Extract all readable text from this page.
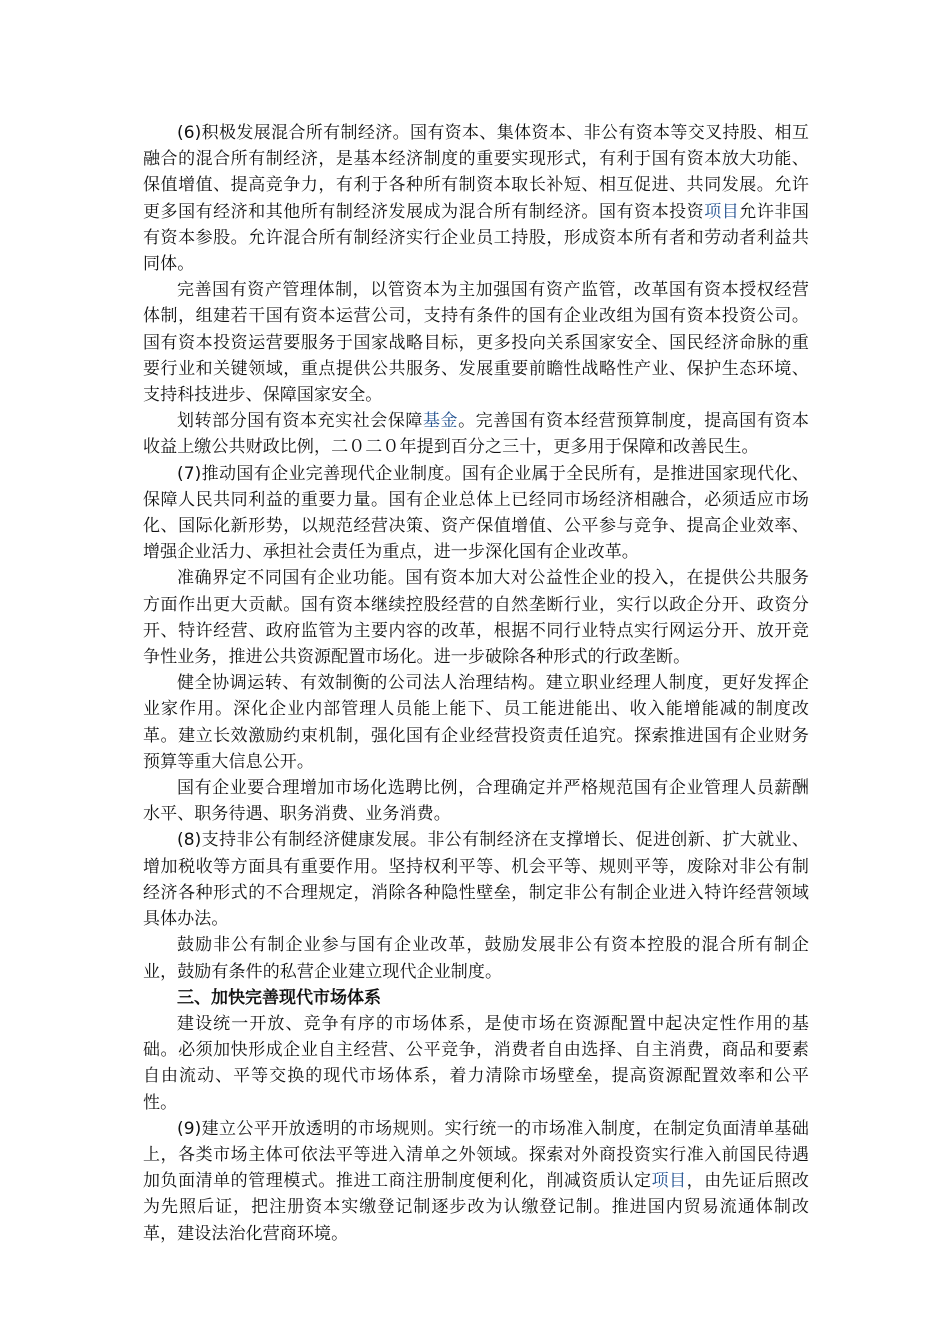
(6)积极发展混合所有制经济。国有资本、集体资本、非公有资本等交叉持股、相互融合的混合所有制经济，是基本经济制度的重要实现形式，有利于国有资本放大功能、保值增值、提高竞争力，有利于各种所有制资本取长补短、相互促进、共同发展。允许更多国有经济和其他所有制经济发展成为混合所有制经济。国有资本投资项目允许非国有资本参股。允许混合所有制经济实行企业员工持股，形成资本所有者和劳动者利益共同体。

完善国有资产管理体制，以管资本为主加强国有资产监管，改革国有资本授权经营体制，组建若干国有资本运营公司，支持有条件的国有企业改组为国有资本投资公司。国有资本投资运营要服务于国家战略目标，更多投向关系国家安全、国民经济命脉的重要行业和关键领域，重点提供公共服务、发展重要前瞻性战略性产业、保护生态环境、支持科技进步、保障国家安全。

划转部分国有资本充实社会保障基金。完善国有资本经营预算制度，提高国有资本收益上缴公共财政比例，二０二０年提到百分之三十，更多用于保障和改善民生。

(7)推动国有企业完善现代企业制度。国有企业属于全民所有，是推进国家现代化、保障人民共同利益的重要力量。国有企业总体上已经同市场经济相融合，必须适应市场化、国际化新形势，以规范经营决策、资产保值增值、公平参与竞争、提高企业效率、增强企业活力、承担社会责任为重点，进一步深化国有企业改革。

准确界定不同国有企业功能。国有资本加大对公益性企业的投入，在提供公共服务方面作出更大贡献。国有资本继续控股经营的自然垄断行业，实行以政企分开、政资分开、特许经营、政府监管为主要内容的改革，根据不同行业特点实行网运分开、放开竞争性业务，推进公共资源配置市场化。进一步破除各种形式的行政垄断。

健全协调运转、有效制衡的公司法人治理结构。建立职业经理人制度，更好发挥企业家作用。深化企业内部管理人员能上能下、员工能进能出、收入能增能减的制度改革。建立长效激励约束机制，强化国有企业经营投资责任追究。探索推进国有企业财务预算等重大信息公开。

国有企业要合理增加市场化选聘比例，合理确定并严格规范国有企业管理人员薪酬水平、职务待遇、职务消费、业务消费。

(8)支持非公有制经济健康发展。非公有制经济在支撑增长、促进创新、扩大就业、增加税收等方面具有重要作用。坚持权利平等、机会平等、规则平等，废除对非公有制经济各种形式的不合理规定，消除各种隐性壁垒，制定非公有制企业进入特许经营领域具体办法。

鼓励非公有制企业参与国有企业改革，鼓励发展非公有资本控股的混合所有制企业，鼓励有条件的私营企业建立现代企业制度。

三、加快完善现代市场体系

建设统一开放、竞争有序的市场体系，是使市场在资源配置中起决定性作用的基础。必须加快形成企业自主经营、公平竞争，消费者自由选择、自主消费，商品和要素自由流动、平等交换的现代市场体系，着力清除市场壁垒，提高资源配置效率和公平性。

(9)建立公平开放透明的市场规则。实行统一的市场准入制度，在制定负面清单基础上，各类市场主体可依法平等进入清单之外领域。探索对外商投资实行准入前国民待遇加负面清单的管理模式。推进工商注册制度便利化，削减资质认定项目，由先证后照改为先照后证，把注册资本实缴登记制逐步改为认缴登记制。推进国内贸易流通体制改革，建设法治化营商环境。
